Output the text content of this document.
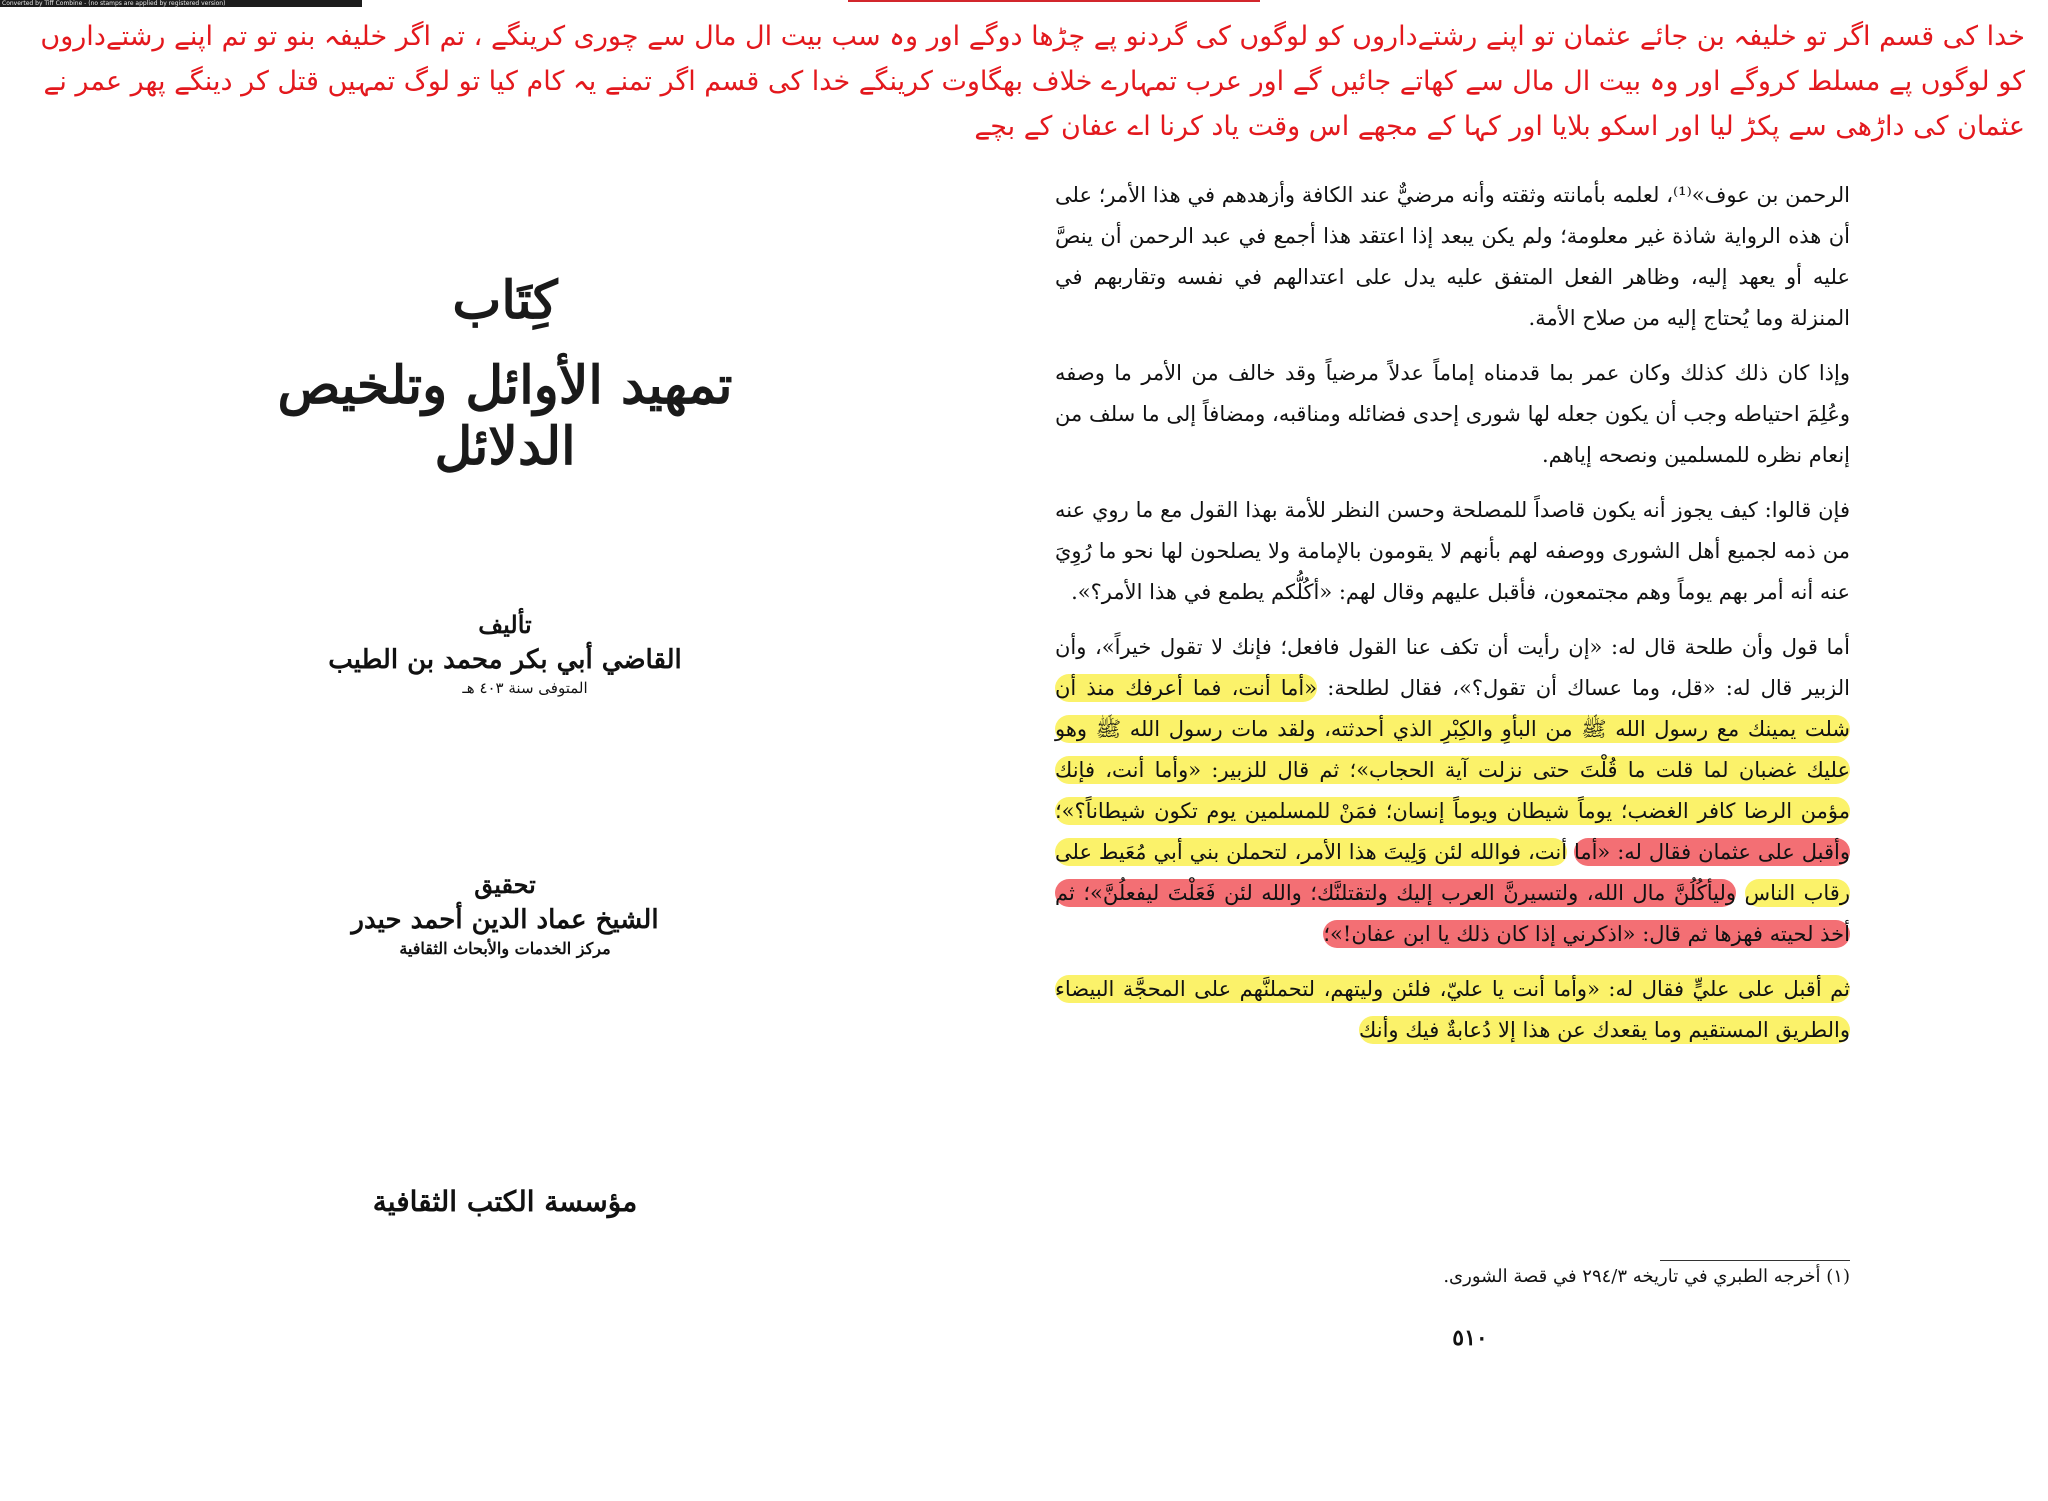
Converted by Tiff Combine - (no stamps are applied by registered version)
خدا کی قسم اگر تو خلیفہ بن جائے عثمان تو اپنے رشتےداروں کو لوگوں کی گردنو پے چڑھا دوگے اور وہ سب بیت ال مال سے چوری کرینگے ، تم اگر خلیفہ بنو تو تم اپنے رشتےداروں کو لوگوں پے مسلط کروگے اور وہ بیت ال مال سے کھاتے جائیں گے اور عرب تمہارے خلاف بھگاوت کرینگے خدا کی قسم اگر تمنے یہ کام کیا تو لوگ تمہیں قتل کر دینگے پھر عمر نے عثمان کی داڑھی سے پکڑ لیا اور اسکو بلایا اور کہا کے مجھے اس وقت یاد کرنا اے عفان کے بچے
كِتَاب
تمهيد الأوائل وتلخيص الدلائل
تأليف
القاضي أبي بكر محمد بن الطيب
المتوفى سنة ٤٠٣ هـ
تحقيق
الشيخ عماد الدين أحمد حيدر
مركز الخدمات والأبحاث الثقافية
مؤسسة الكتب الثقافية

الرحمن بن عوف»⁽¹⁾، لعلمه بأمانته وثقته وأنه مرضيٌّ عند الكافة وأزهدهم في هذا الأمر؛ على أن هذه الرواية شاذة غير معلومة؛ ولم يكن يبعد إذا اعتقد هذا أجمع في عبد الرحمن أن ينصَّ عليه أو يعهد إليه، وظاهر الفعل المتفق عليه يدل على اعتدالهم في نفسه وتقاربهم في المنزلة وما يُحتاج إليه من صلاح الأمة.

وإذا كان ذلك كذلك وكان عمر بما قدمناه إماماً عدلاً مرضياً وقد خالف من الأمر ما وصفه وعُلِمَ احتياطه وجب أن يكون جعله لها شورى إحدى فضائله ومناقبه، ومضافاً إلى ما سلف من إنعام نظره للمسلمين ونصحه إياهم.

فإن قالوا: كيف يجوز أنه يكون قاصداً للمصلحة وحسن النظر للأمة بهذا القول مع ما روي عنه من ذمه لجميع أهل الشورى ووصفه لهم بأنهم لا يقومون بالإمامة ولا يصلحون لها نحو ما رُوِيَ عنه أنه أمر بهم يوماً وهم مجتمعون، فأقبل عليهم وقال لهم: «أكُلُّكم يطمع في هذا الأمر؟».

أما قول وأن طلحة قال له: «إن رأيت أن تكف عنا القول فافعل؛ فإنك لا تقول خيراً»، وأن الزبير قال له: «قل، وما عساك أن تقول؟»، فقال لطلحة: «أما أنت، فما أعرفك منذ أن شلت يمينك مع رسول الله ﷺ من البأوِ والكِبْرِ الذي أحدثته، ولقد مات رسول الله ﷺ وهو عليك غضبان لما قلت ما قُلْتَ حتى نزلت آية الحجاب»؛ ثم قال للزبير: «وأما أنت، فإنك مؤمن الرضا كافر الغضب؛ يوماً شيطان ويوماً إنسان؛ فمَنْ للمسلمين يوم تكون شيطاناً؟»؛ وأقبل على عثمان فقال له: «أما أنت، فوالله لئن وَلِيتَ هذا الأمر، لتحملن بني أبي مُعَيط على رقاب الناس وليأكُلُنَّ مال الله، ولتسيرنَّ العرب إليك ولتقتلنَّك؛ والله لئن فَعَلْتَ ليفعلُنَّ»؛ ثم أخذ لحيته فهزها ثم قال: «اذكرني إذا كان ذلك يا ابن عفان!»؛

ثم أقبل على عليٍّ فقال له: «وأما أنت يا عليّ، فلئن وليتهم، لتحملنَّهم على المحجَّة البيضاء والطريق المستقيم وما يقعدك عن هذا إلا دُعابةٌ فيك وأنك

(١) أخرجه الطبري في تاريخه ٢٩٤/٣ في قصة الشورى.
٥١٠
